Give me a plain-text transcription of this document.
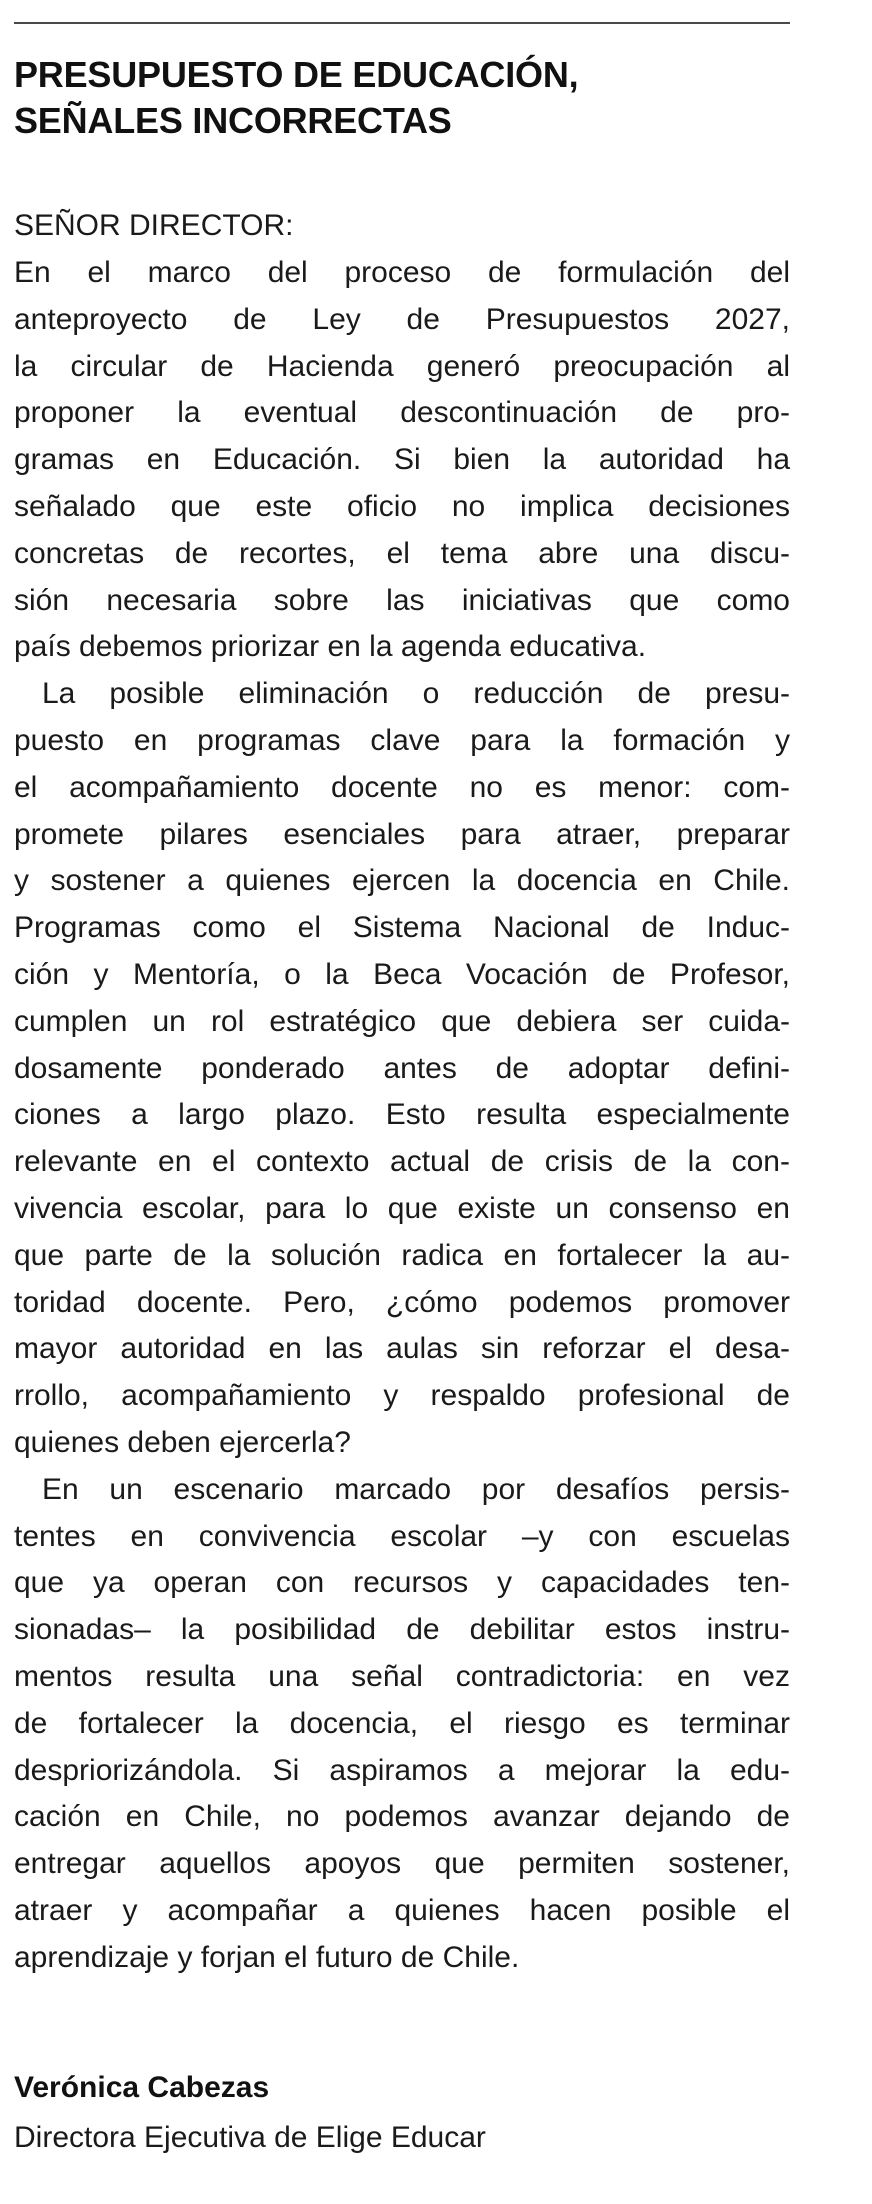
PRESUPUESTO DE EDUCACIÓN,
SEÑALES INCORRECTAS
SEÑOR DIRECTOR:

En el marco del proceso de formulación del
anteproyecto de Ley de Presupuestos 2027,
la circular de Hacienda generó preocupación al
proponer la eventual descontinuación de pro-
gramas en Educación. Si bien la autoridad ha
señalado que este oficio no implica decisiones
concretas de recortes, el tema abre una discu-
sión necesaria sobre las iniciativas que como
país debemos priorizar en la agenda educativa.

La posible eliminación o reducción de presu-
puesto en programas clave para la formación y
el acompañamiento docente no es menor: com-
promete pilares esenciales para atraer, preparar
y sostener a quienes ejercen la docencia en Chile.
Programas como el Sistema Nacional de Induc-
ción y Mentoría, o la Beca Vocación de Profesor,
cumplen un rol estratégico que debiera ser cuida-
dosamente ponderado antes de adoptar defini-
ciones a largo plazo. Esto resulta especialmente
relevante en el contexto actual de crisis de la con-
vivencia escolar, para lo que existe un consenso en
que parte de la solución radica en fortalecer la au-
toridad docente. Pero, ¿cómo podemos promover
mayor autoridad en las aulas sin reforzar el desa-
rrollo, acompañamiento y respaldo profesional de
quienes deben ejercerla?

En un escenario marcado por desafíos persis-
tentes en convivencia escolar –y con escuelas
que ya operan con recursos y capacidades ten-
sionadas– la posibilidad de debilitar estos instru-
mentos resulta una señal contradictoria: en vez
de fortalecer la docencia, el riesgo es terminar
despriorizándola. Si aspiramos a mejorar la edu-
cación en Chile, no podemos avanzar dejando de
entregar aquellos apoyos que permiten sostener,
atraer y acompañar a quienes hacen posible el
aprendizaje y forjan el futuro de Chile.

Verónica Cabezas
Directora Ejecutiva de Elige Educar
